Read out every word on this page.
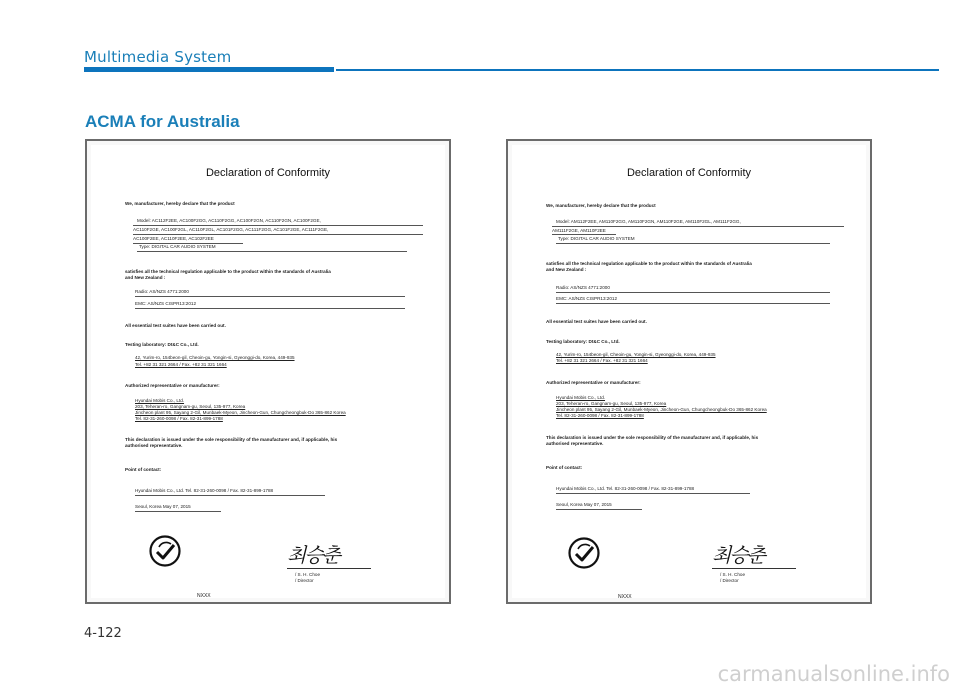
Multimedia System
ACMA for Australia
Declaration of Conformity
We, manufacturer, hereby declare that the product
Model: AC112F2EE, AC100F2GG, AC110F2GG, AC100F2GN, AC110F2GN, AC100F2GE,
AC110F2GE, AC100F2GL, AC110F2GL, AC101F2GG, AC111F2GG, AC101F2GE, AC111F2GE,
AC100F2EE, AC110F2EE, AC102F2EE
Type: DIGITAL CAR AUDIO SYSTEM
satisfies all the technical regulation applicable to the product within the standards of Australia
and New Zealand :
Radio: AS/NZS 4771:2000
EMC: AS/NZS CISPR13:2012
All essential test suites have been carried out.
Testing laboratory: Dt&C Co., Ltd.
42, Yurim-ro, 154beon-gil, Cheoin-gu, Yongin-si, Gyeonggi-do, Korea, 449-935
Tel. +82 31 321 2664 / Fax. +82 31 321 1664
Authorized representative or manufacturer:
Hyundai Mobis Co., Ltd.
203, Teheran-ro, Gangnam-gu, Seoul, 135-977, Korea
Jincheon plant 95, Sayang 2-Gil, Munbaek-Myeon, Jincheon-Gun, Chungcheongbuk-Do 365-862 Korea
Tel. 82-31-260-0098 / Fax. 82-31-899-1788
This declaration is issued under the sole responsibility of the manufacturer and, if applicable, his
authorised representative.
Point of contact:
Hyundai Mobis Co., Ltd. Tel. 82-31-260-0098 / Fax. 82-31-899-1788
Seoul, Korea May 07, 2015
최승춘
/ S. H. Choe
/ Director
NXXX
Declaration of Conformity
We, manufacturer, hereby declare that the product
Model: AM112F2EE, AM110F2GG, AM110F2GN, AM110F2GE, AM110F2GL, AM111F2GG,
AM111F2GE, AM110F2EE
Type: DIGITAL CAR AUDIO SYSTEM
satisfies all the technical regulation applicable to the product within the standards of Australia
and New Zealand :
Radio: AS/NZS 4771:2000
EMC: AS/NZS CISPR13:2012
All essential test suites have been carried out.
Testing laboratory: Dt&C Co., Ltd.
42, Yurim-ro, 154beon-gil, Cheoin-gu, Yongin-si, Gyeonggi-do, Korea, 449-935
Tel. +82 31 321 2664 / Fax. +82 31 321 1664
Authorized representative or manufacturer:
Hyundai Mobis Co., Ltd.
203, Teheran-ro, Gangnam-gu, Seoul, 135-977, Korea
Jincheon plant 95, Sayang 2-Gil, Munbaek-Myeon, Jincheon-Gun, Chungcheongbuk-Do 365-862 Korea
Tel. 82-31-260-0098 / Fax. 82-31-899-1788
This declaration is issued under the sole responsibility of the manufacturer and, if applicable, his
authorised representative.
Point of contact:
Hyundai Mobis Co., Ltd. Tel. 82-31-260-0098 / Fax. 82-31-899-1788
Seoul, Korea May 07, 2015
최승춘
/ S. H. Choe
/ Director
NXXX
4-122
carmanualsonline.info
